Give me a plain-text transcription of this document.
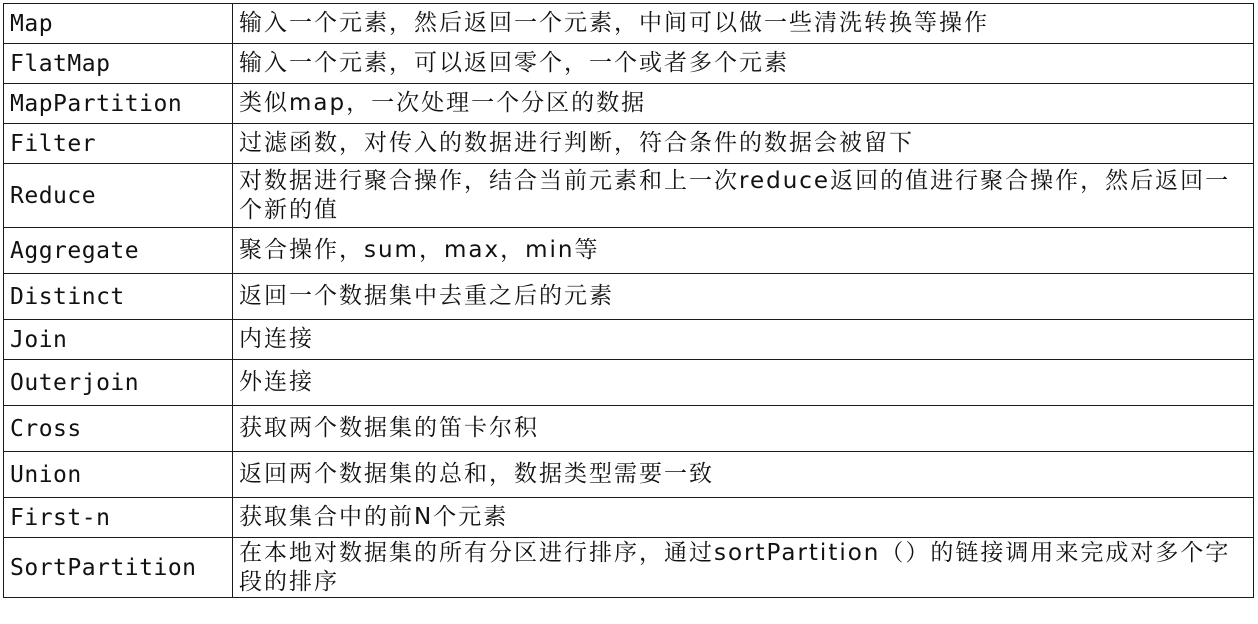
Map	输入一个元素，然后返回一个元素，中间可以做一些清洗转换等操作
FlatMap	输入一个元素，可以返回零个，一个或者多个元素
MapPartition	类似map，一次处理一个分区的数据
Filter	过滤函数，对传入的数据进行判断，符合条件的数据会被留下
Reduce	对数据进行聚合操作，结合当前元素和上一次reduce返回的值进行聚合操作，然后返回一个新的值
Aggregate	聚合操作，sum，max，min等
Distinct	返回一个数据集中去重之后的元素
Join	内连接
Outerjoin	外连接
Cross	获取两个数据集的笛卡尔积
Union	返回两个数据集的总和，数据类型需要一致
First-n	获取集合中的前N个元素
SortPartition	在本地对数据集的所有分区进行排序，通过sortPartition（）的链接调用来完成对多个字段的排序
